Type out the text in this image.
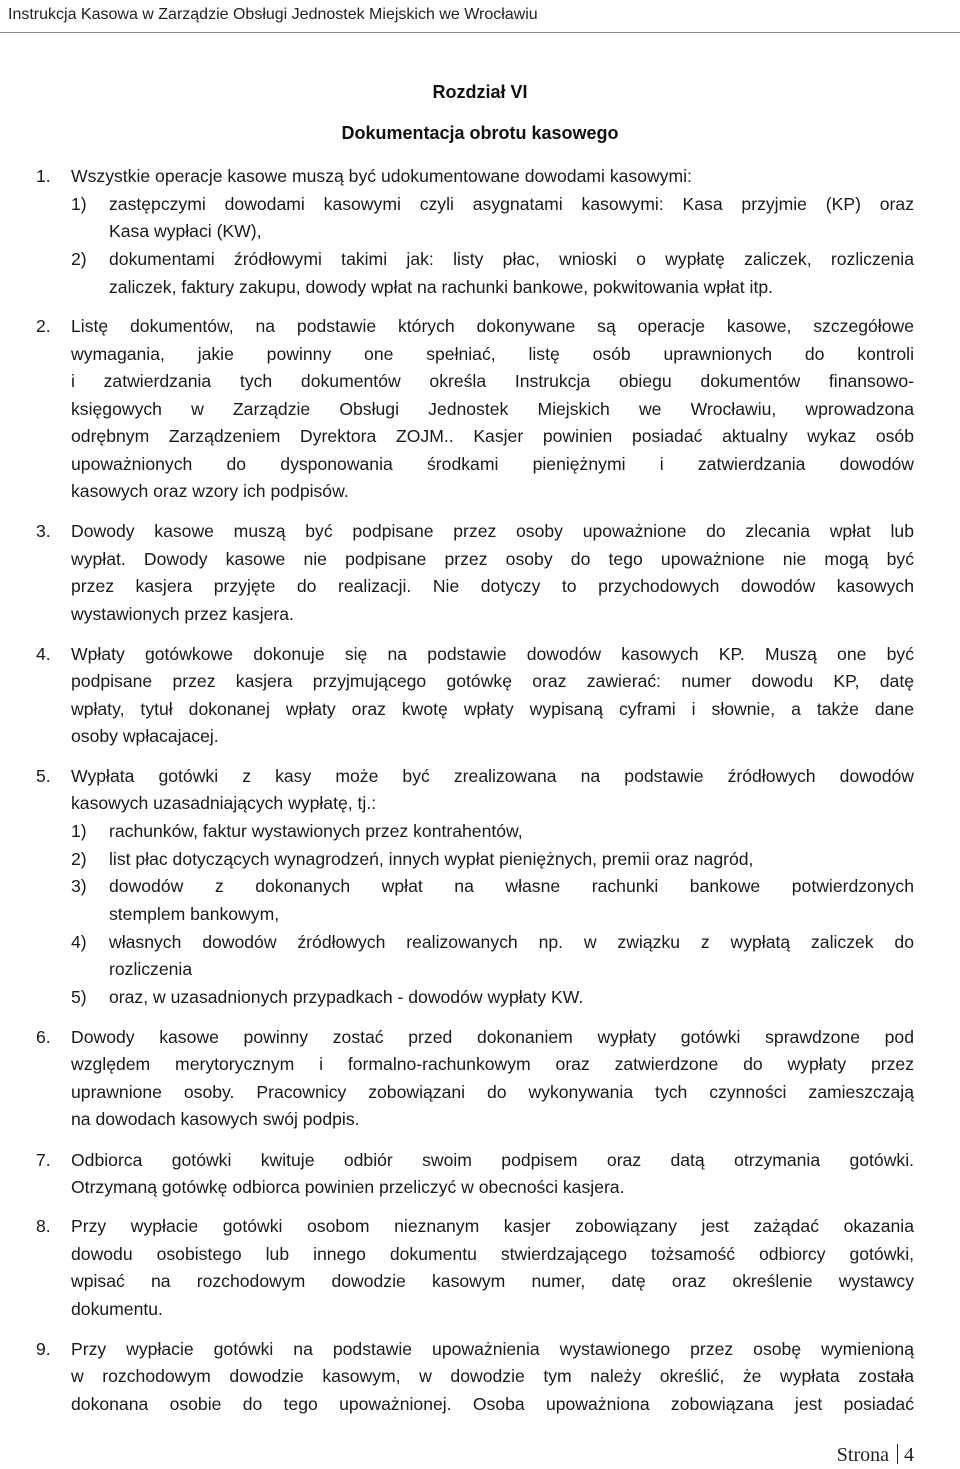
Instrukcja Kasowa w Zarządzie Obsługi Jednostek Miejskich we Wrocławiu
Rozdział VI
Dokumentacja obrotu kasowego
1. Wszystkie operacje kasowe muszą być udokumentowane dowodami kasowymi:
1) zastępczymi dowodami kasowymi czyli asygnatami kasowymi: Kasa przyjmie (KP) oraz
Kasa wypłaci (KW),
2) dokumentami źródłowymi takimi jak: listy płac, wnioski o wypłatę zaliczek, rozliczenia
zaliczek, faktury zakupu, dowody wpłat na rachunki bankowe, pokwitowania wpłat itp.
2. Listę dokumentów, na podstawie których dokonywane są operacje kasowe, szczegółowe
wymagania, jakie powinny one spełniać, listę osób uprawnionych do kontroli
i zatwierdzania tych dokumentów określa Instrukcja obiegu dokumentów finansowo-
księgowych w Zarządzie Obsługi Jednostek Miejskich we Wrocławiu, wprowadzona
odrębnym Zarządzeniem Dyrektora ZOJM.. Kasjer powinien posiadać aktualny wykaz osób
upoważnionych do dysponowania środkami pieniężnymi i zatwierdzania dowodów
kasowych oraz wzory ich podpisów.
3. Dowody kasowe muszą być podpisane przez osoby upoważnione do zlecania wpłat lub
wypłat. Dowody kasowe nie podpisane przez osoby do tego upoważnione nie mogą być
przez kasjera przyjęte do realizacji. Nie dotyczy to przychodowych dowodów kasowych
wystawionych przez kasjera.
4. Wpłaty gotówkowe dokonuje się na podstawie dowodów kasowych KP. Muszą one być
podpisane przez kasjera przyjmującego gotówkę oraz zawierać: numer dowodu KP, datę
wpłaty, tytuł dokonanej wpłaty oraz kwotę wpłaty wypisaną cyframi i słownie, a także dane
osoby wpłacajacej.
5. Wypłata gotówki z kasy może być zrealizowana na podstawie źródłowych dowodów
kasowych uzasadniających wypłatę, tj.:
1) rachunków, faktur wystawionych przez kontrahentów,
2) list płac dotyczących wynagrodzeń, innych wypłat pieniężnych, premii oraz nagród,
3) dowodów z dokonanych wpłat na własne rachunki bankowe potwierdzonych
stemplem bankowym,
4) własnych dowodów źródłowych realizowanych np. w związku z wypłatą zaliczek do
rozliczenia
5) oraz, w uzasadnionych przypadkach - dowodów wypłaty KW.
6. Dowody kasowe powinny zostać przed dokonaniem wypłaty gotówki sprawdzone pod
względem merytorycznym i formalno-rachunkowym oraz zatwierdzone do wypłaty przez
uprawnione osoby. Pracownicy zobowiązani do wykonywania tych czynności zamieszczają
na dowodach kasowych swój podpis.
7. Odbiorca gotówki kwituje odbiór swoim podpisem oraz datą otrzymania gotówki.
Otrzymaną gotówkę odbiorca powinien przeliczyć w obecności kasjera.
8. Przy wypłacie gotówki osobom nieznanym kasjer zobowiązany jest zażądać okazania
dowodu osobistego lub innego dokumentu stwierdzającego tożsamość odbiorcy gotówki,
wpisać na rozchodowym dowodzie kasowym numer, datę oraz określenie wystawcy
dokumentu.
9. Przy wypłacie gotówki na podstawie upoważnienia wystawionego przez osobę wymienioną
w rozchodowym dowodzie kasowym, w dowodzie tym należy określić, że wypłata została
dokonana osobie do tego upoważnionej. Osoba upoważniona zobowiązana jest posiadać
Strona 4
